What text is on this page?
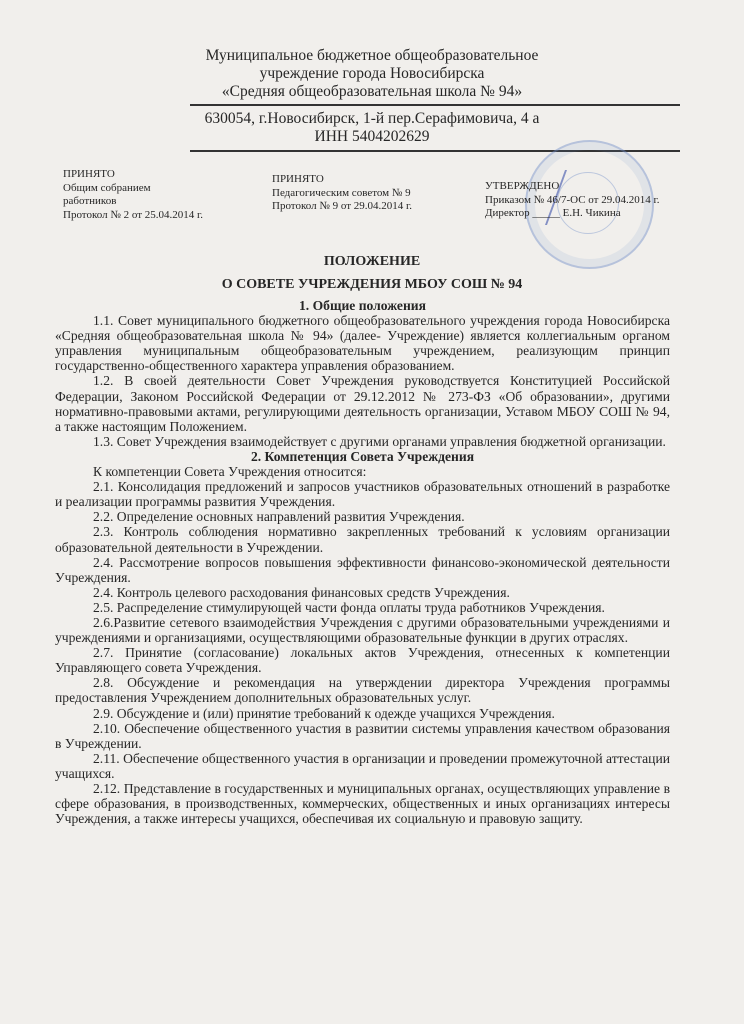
Муниципальное бюджетное общеобразовательное
учреждение города Новосибирска
«Средняя общеобразовательная школа № 94»
630054, г.Новосибирск, 1-й пер.Серафимовича, 4 а
ИНН 5404202629
ПРИНЯТО
Общим собранием
работников
Протокол № 2 от 25.04.2014 г.
ПРИНЯТО
Педагогическим советом № 9
Протокол № 9 от 29.04.2014 г.
УТВЕРЖДЕНО
Приказом № 46/7-ОС от 29.04.2014 г.
Директор _____ Е.Н. Чикина
ПОЛОЖЕНИЕ
О СОВЕТЕ УЧРЕЖДЕНИЯ МБОУ СОШ № 94
1. Общие положения

1.1. Совет муниципального бюджетного общеобразовательного учреждения города Новосибирска «Средняя общеобразовательная школа № 94» (далее- Учреждение) является коллегиальным органом управления муниципальным общеобразовательным учреждением, реализующим принцип государственно-общественного характера управления образованием.

1.2. В своей деятельности Совет Учреждения руководствуется Конституцией Российской Федерации, Законом Российской Федерации от 29.12.2012 № 273-ФЗ «Об образовании», другими нормативно-правовыми актами, регулирующими деятельность организации, Уставом МБОУ СОШ № 94, а также настоящим Положением.

1.3. Совет Учреждения взаимодействует с другими органами управления бюджетной организации.

2. Компетенция Совета Учреждения

К компетенции Совета Учреждения относится:

2.1. Консолидация предложений и запросов участников образовательных отношений в разработке и реализации программы развития Учреждения.

2.2. Определение основных направлений развития Учреждения.

2.3. Контроль соблюдения нормативно закрепленных требований к условиям организации образовательной деятельности в Учреждении.

2.4. Рассмотрение вопросов повышения эффективности финансово-экономической деятельности Учреждения.

2.4. Контроль целевого расходования финансовых средств Учреждения.

2.5. Распределение стимулирующей части фонда оплаты труда работников Учреждения.

2.6.Развитие сетевого взаимодействия Учреждения с другими образовательными учреждениями и учреждениями и организациями, осуществляющими образовательные функции в других отраслях.

2.7. Принятие (согласование) локальных актов Учреждения, отнесенных к компетенции Управляющего совета Учреждения.

2.8. Обсуждение и рекомендация на утверждении директора Учреждения программы предоставления Учреждением дополнительных образовательных услуг.

2.9. Обсуждение и (или) принятие требований к одежде учащихся Учреждения.

2.10. Обеспечение общественного участия в развитии системы управления качеством образования в Учреждении.

2.11. Обеспечение общественного участия в организации и проведении промежуточной аттестации учащихся.

2.12. Представление в государственных и муниципальных органах, осуществляющих управление в сфере образования, в производственных, коммерческих, общественных и иных организациях интересы Учреждения, а также интересы учащихся, обеспечивая их социальную и правовую защиту.
